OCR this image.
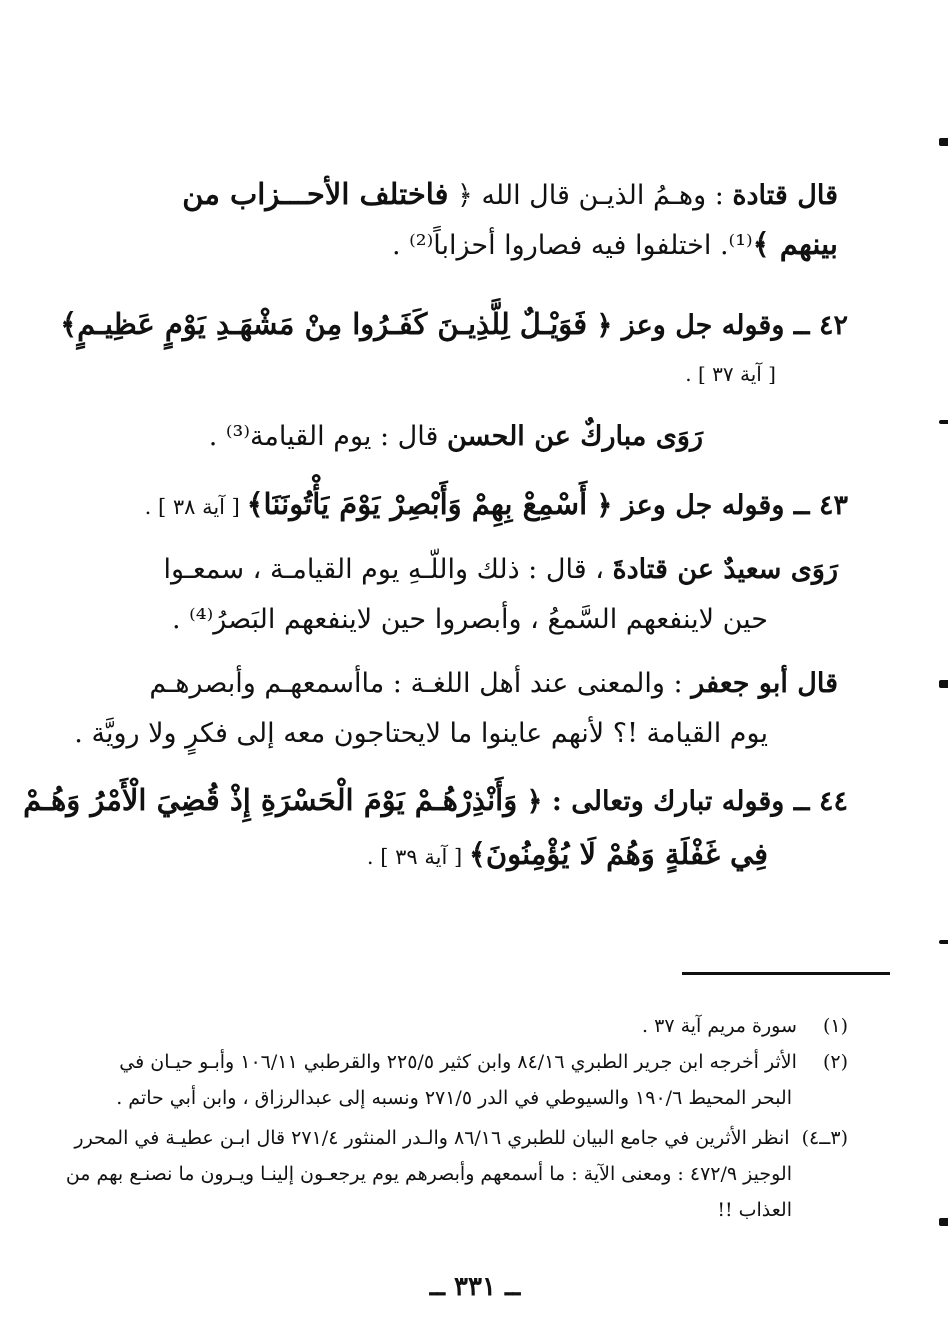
قال قتادة : وهـمُ الذيـن قال الله ﴿ فاختلف الأحـــزاب من
بينهم ﴾⁽¹⁾. اختلفوا فيه فصاروا أحزاباً⁽²⁾ .
٤٢ ــ وقوله جل وعز ﴿ فَوَيْـلٌ لِلَّذِيـنَ كَفَـرُوا مِنْ مَشْهَـدِ يَوْمٍ عَظِيـمٍ﴾
[ آية ٣٧ ] .
رَوَى مباركٌ عن الحسن قال : يوم القيامة⁽³⁾ .
٤٣ ــ وقوله جل وعز ﴿ أَسْمِعْ بِهِمْ وَأَبْصِرْ يَوْمَ يَأْتُونَنَا﴾ [ آية ٣٨ ] .
رَوَى سعيدٌ عن قتادةَ ، قال : ذلك واللّـهِ يوم القيامـة ، سمعـوا
حين لاينفعهم السَّمعُ ، وأبصروا حين لاينفعهم البَصرُ⁽⁴⁾ .
قال أبو جعفر : والمعنى عند أهل اللغـة : ماأسمعهـم وأبصرهـم
يوم القيامة !؟ لأنهم عاينوا ما لايحتاجون معه إلى فكرٍ ولا رويَّة .
٤٤ ــ وقوله تبارك وتعالى : ﴿ وَأَنْذِرْهُـمْ يَوْمَ الْحَسْرَةِ إِذْ قُضِيَ الْأَمْرُ وَهُـمْ
فِي غَفْلَةٍ وَهُمْ لَا يُؤْمِنُونَ﴾ [ آية ٣٩ ] .
(١) سورة مريم آية ٣٧ .
(٢) الأثر أخرجه ابن جرير الطبري ٨٤/١٦ وابن كثير ٢٢٥/٥ والقرطبي ١٠٦/١١ وأبـو حيـان في
البحر المحيط ١٩٠/٦ والسيوطي في الدر ٢٧١/٥ ونسبه إلى عبدالرزاق ، وابن أبي حاتم .
(٣ــ٤) انظر الأثرين في جامع البيان للطبري ٨٦/١٦ والـدر المنثور ٢٧١/٤ قال ابـن عطيـة في المحرر
الوجيز ٤٧٢/٩ : ومعنى الآية : ما أسمعهم وأبصرهم يوم يرجعـون إلينـا ويـرون ما نصنـع بهم من
العذاب !!
ــ ٣٣١ ــ
